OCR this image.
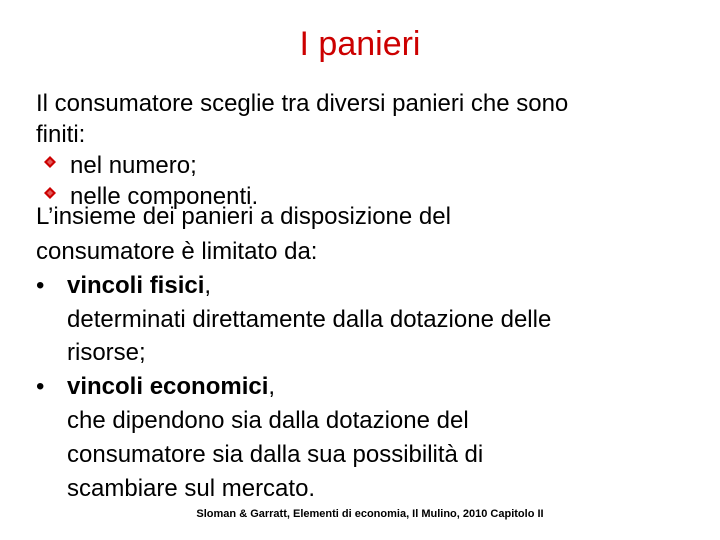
I panieri
Il consumatore sceglie tra diversi panieri che sono
finiti:
nel numero;
nelle componenti.
L’insieme dei panieri a disposizione del
consumatore è limitato da:
• vincoli fisici,
determinati direttamente dalla dotazione delle
risorse;
• vincoli economici,
che dipendono sia dalla dotazione del
consumatore sia dalla sua possibilità di
scambiare sul mercato.
Sloman & Garratt, Elementi di economia, Il Mulino, 2010 Capitolo II
